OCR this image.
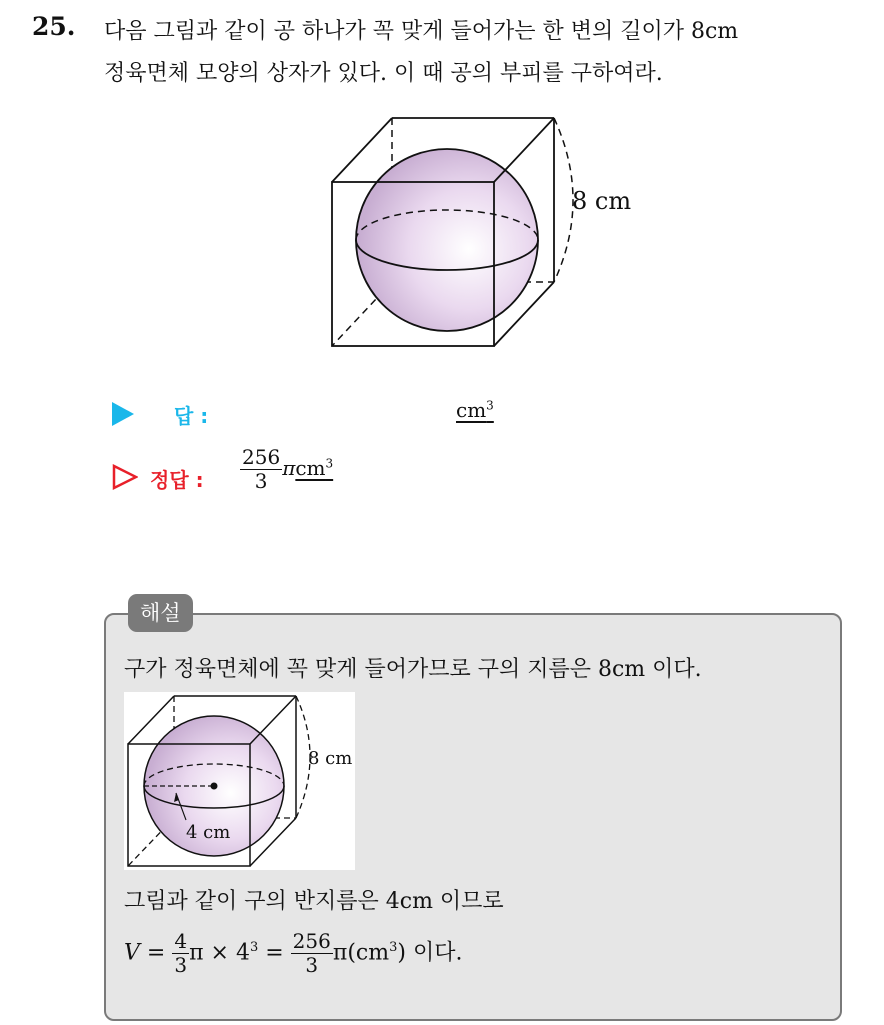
25. 다음 그림과 같이 공 하나가 꼭 맞게 들어가는 한 변의 길이가 8cm
정육면체 모양의 상자가 있다. 이 때 공의 부피를 구하여라.
8 cm
답 :	$cm^3$
정답 : $\frac{256}{3} \pi cm^3$
해설
구가 정육면체에 꼭 맞게 들어가므로 구의 지름은 8cm 이다.
8 cm
4 cm
그림과 같이 구의 반지름은 4cm 이므로
$V = \frac{4}{3}$ $\pi \times 4^3 = \frac{256}{3} \pi(cm^3)$ 이다.
